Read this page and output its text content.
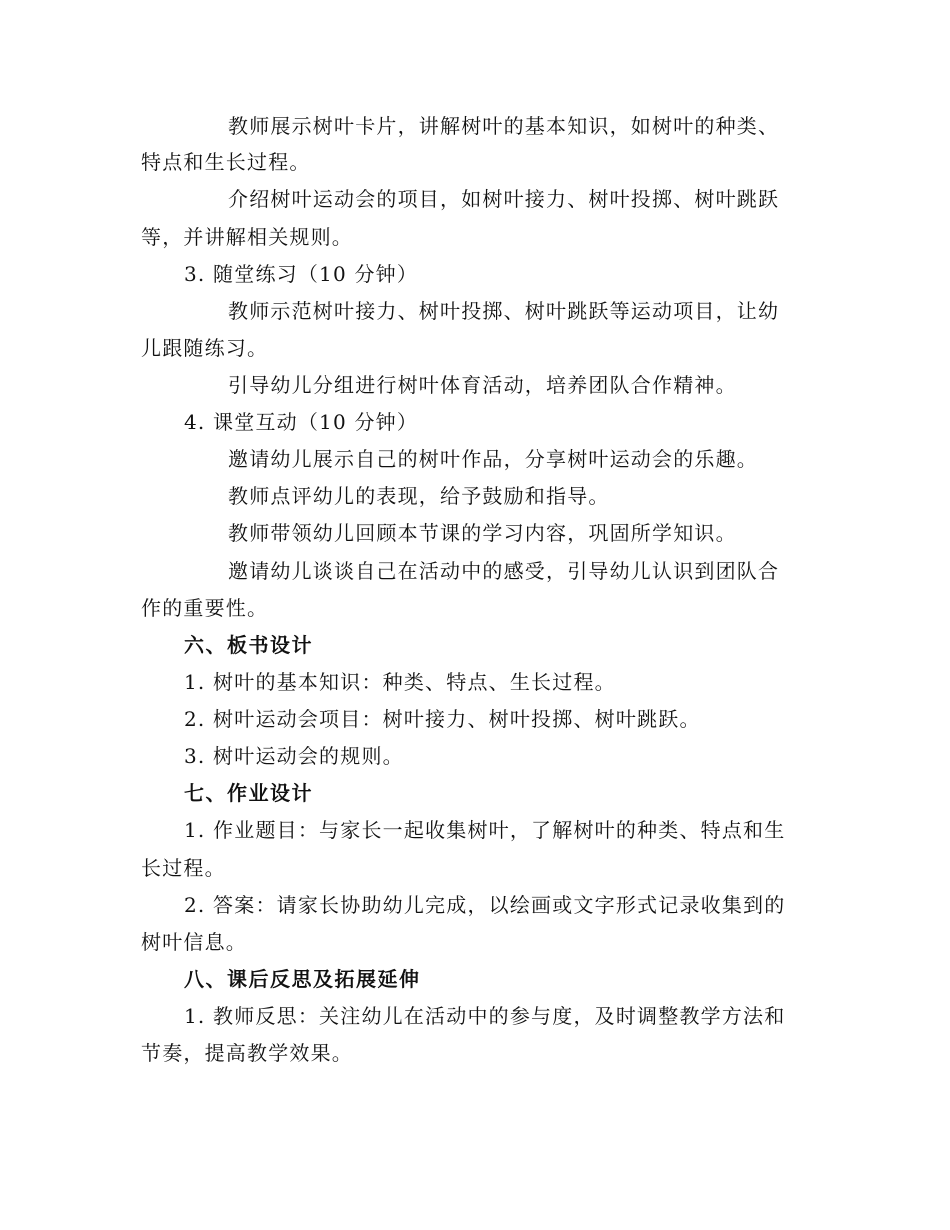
教师展示树叶卡片，讲解树叶的基本知识，如树叶的种类、
特点和生长过程。
介绍树叶运动会的项目，如树叶接力、树叶投掷、树叶跳跃
等，并讲解相关规则。
3. 随堂练习（10 分钟）
教师示范树叶接力、树叶投掷、树叶跳跃等运动项目，让幼
儿跟随练习。
引导幼儿分组进行树叶体育活动，培养团队合作精神。
4. 课堂互动（10 分钟）
邀请幼儿展示自己的树叶作品，分享树叶运动会的乐趣。
教师点评幼儿的表现，给予鼓励和指导。
教师带领幼儿回顾本节课的学习内容，巩固所学知识。
邀请幼儿谈谈自己在活动中的感受，引导幼儿认识到团队合
作的重要性。
六、板书设计
1. 树叶的基本知识：种类、特点、生长过程。
2. 树叶运动会项目：树叶接力、树叶投掷、树叶跳跃。
3. 树叶运动会的规则。
七、作业设计
1. 作业题目：与家长一起收集树叶，了解树叶的种类、特点和生
长过程。
2. 答案：请家长协助幼儿完成，以绘画或文字形式记录收集到的
树叶信息。
八、课后反思及拓展延伸
1. 教师反思：关注幼儿在活动中的参与度，及时调整教学方法和
节奏，提高教学效果。
